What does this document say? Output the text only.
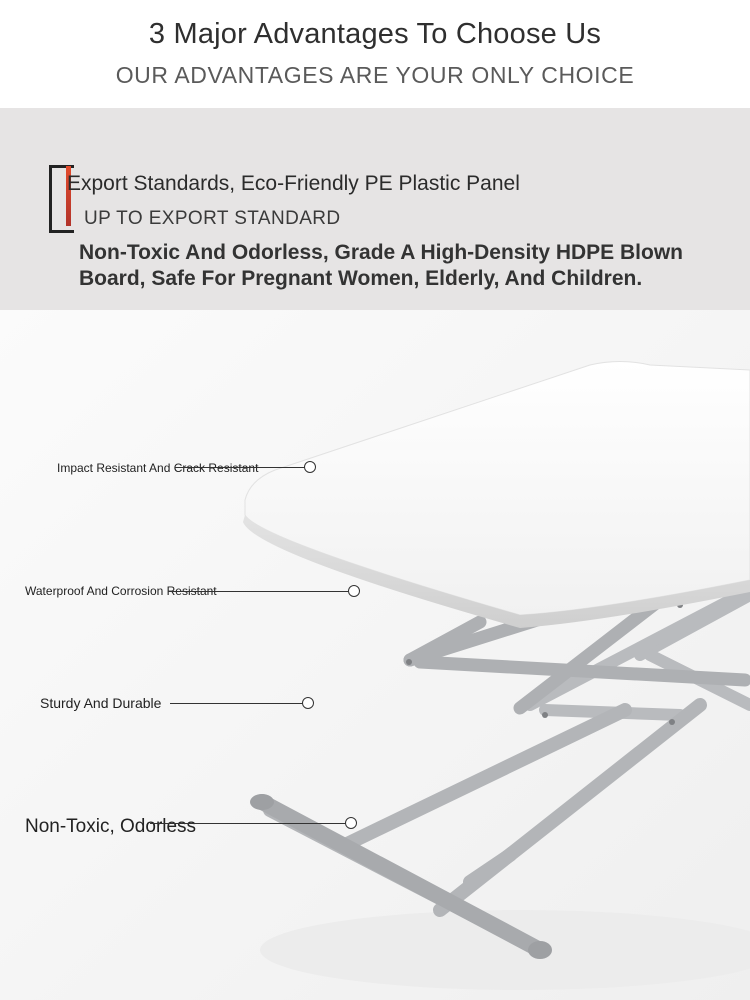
3 Major Advantages To Choose Us
OUR ADVANTAGES ARE YOUR ONLY CHOICE
Export Standards, Eco-Friendly PE Plastic Panel
UP TO EXPORT STANDARD
Non-Toxic And Odorless, Grade A High-Density HDPE Blown Board, Safe For Pregnant Women, Elderly, And Children.
Impact Resistant And Crack Resistant
Waterproof And Corrosion Resistant
Sturdy And Durable
Non-Toxic, Odorless
